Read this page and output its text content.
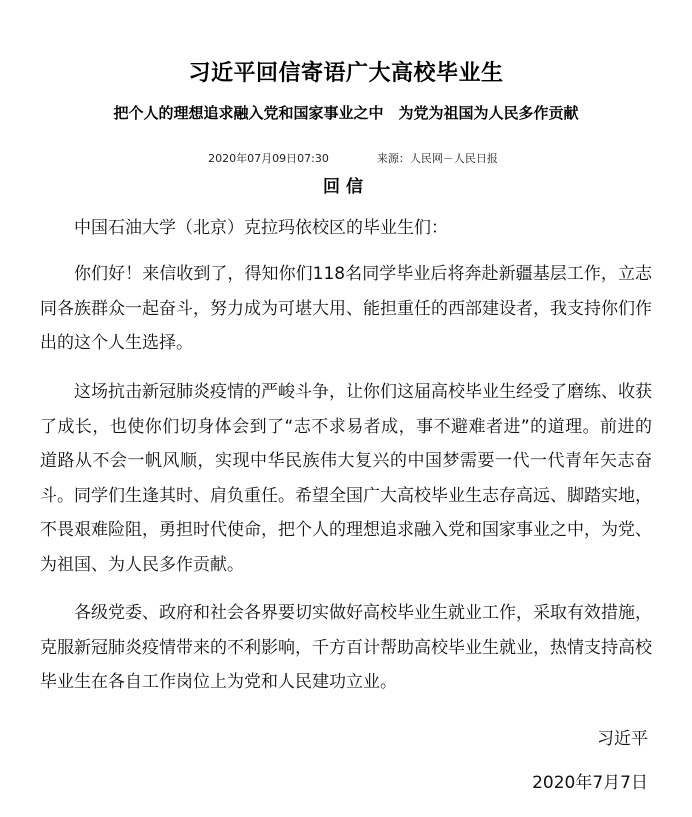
习近平回信寄语广大高校毕业生
把个人的理想追求融入党和国家事业之中　为党为祖国为人民多作贡献

2020年07月09日07:30	来源：人民网－人民日报

回信
中国石油大学（北京）克拉玛依校区的毕业生们：
你们好！来信收到了，得知你们118名同学毕业后将奔赴新疆基层工作，立志同各族群众一起奋斗，努力成为可堪大用、能担重任的西部建设者，我支持你们作出的这个人生选择。
这场抗击新冠肺炎疫情的严峻斗争，让你们这届高校毕业生经受了磨练、收获了成长，也使你们切身体会到了“志不求易者成，事不避难者进”的道理。前进的道路从不会一帆风顺，实现中华民族伟大复兴的中国梦需要一代一代青年矢志奋斗。同学们生逢其时、肩负重任。希望全国广大高校毕业生志存高远、脚踏实地，不畏艰难险阻，勇担时代使命，把个人的理想追求融入党和国家事业之中，为党、为祖国、为人民多作贡献。
各级党委、政府和社会各界要切实做好高校毕业生就业工作，采取有效措施，克服新冠肺炎疫情带来的不利影响，千方百计帮助高校毕业生就业，热情支持高校毕业生在各自工作岗位上为党和人民建功立业。
习近平
2020年7月7日
